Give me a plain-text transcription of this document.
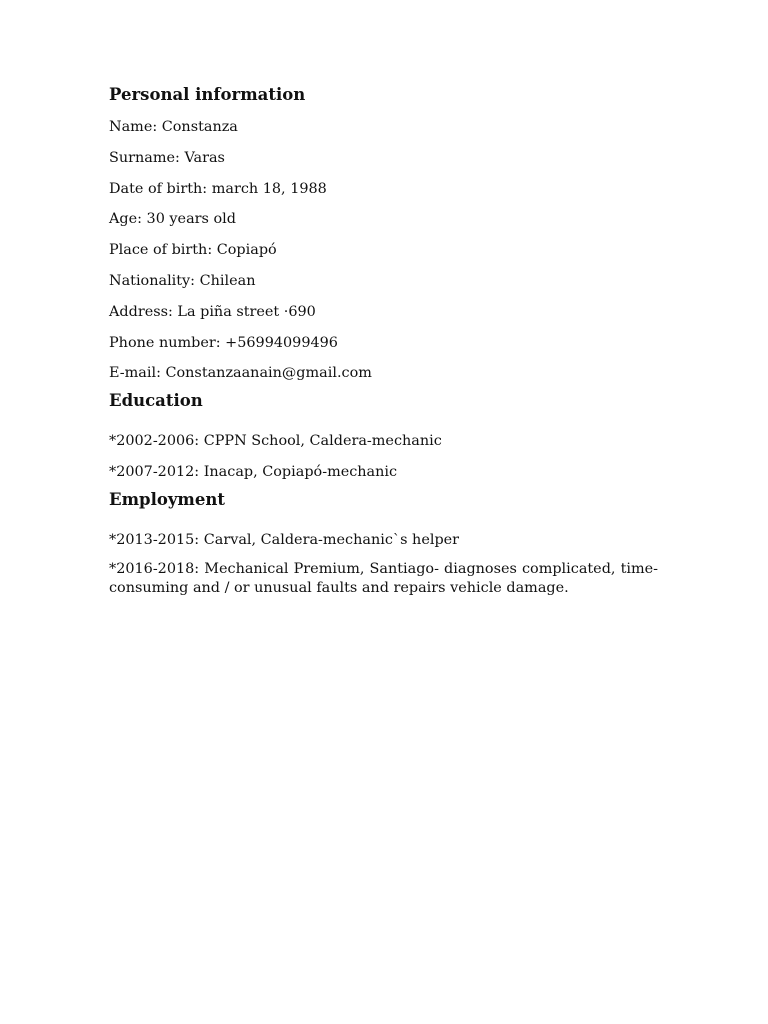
Personal information

Name: Constanza

Surname: Varas

Date of birth: march 18, 1988

Age: 30 years old

Place of birth: Copiapó

Nationality: Chilean

Address: La piña street ·690

Phone number: +56994099496

E-mail: Constanzaanain@gmail.com

Education

*2002-2006: CPPN School, Caldera-mechanic

*2007-2012: Inacap, Copiapó-mechanic

Employment

*2013-2015: Carval, Caldera-mechanic`s helper

*2016-2018: Mechanical Premium, Santiago- diagnoses complicated, time-consuming and / or unusual faults and repairs vehicle damage.
